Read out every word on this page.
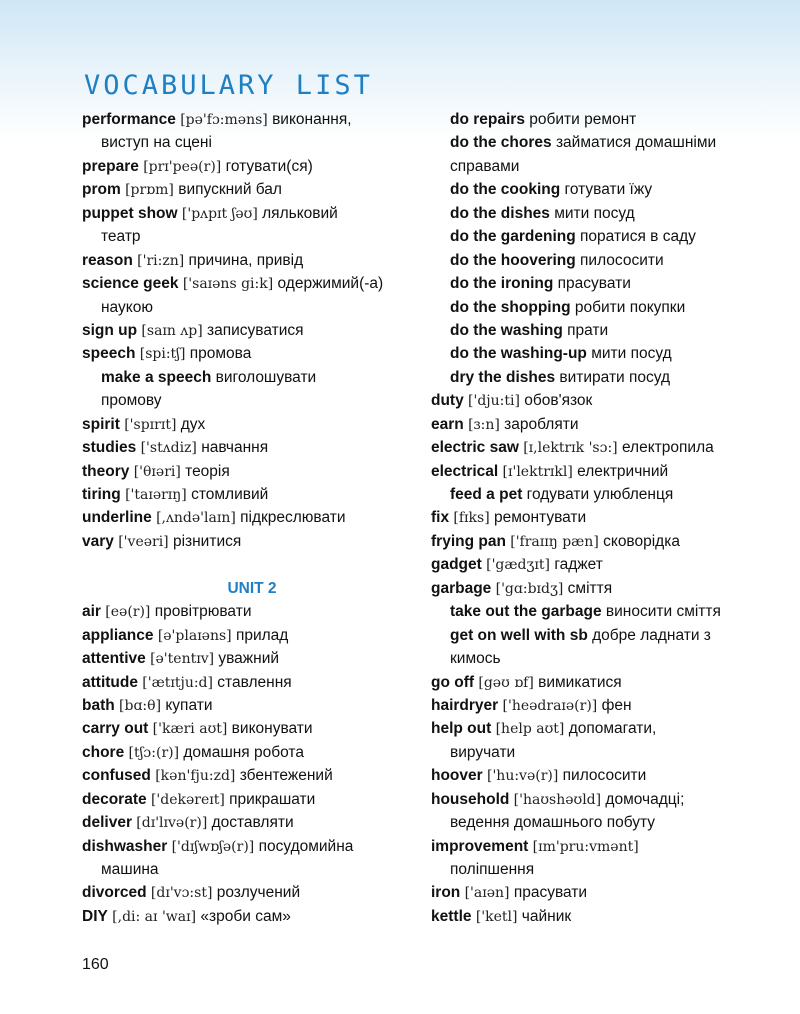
VOCABULARY LIST
performance [pə'fɔ:məns] виконання,
виступ на сцені
prepare [prɪ'peə(r)] готувати(ся)
prom [prɒm] випускний бал
puppet show ['pʌpɪt ʃəʊ] ляльковий
театр
reason ['ri:zn] причина, привід
science geek ['saɪəns gi:k] одержимий(-а)
наукою
sign up [saɪn ʌp] записуватися
speech [spi:tʃ] промова
make a speech виголошувати
промову
spirit ['spɪrɪt] дух
studies ['stʌdiz] навчання
theory ['θɪəri] теорія
tiring ['taɪərɪŋ] стомливий
underline [,ʌndə'laɪn] підкреслювати
vary ['veəri] різнитися
UNIT 2
air [eə(r)] провітрювати
appliance [ə'plaɪəns] прилад
attentive [ə'tentɪv] уважний
attitude ['ætɪtju:d] ставлення
bath [bɑ:θ] купати
carry out ['kæri aʊt] виконувати
chore [tʃɔ:(r)] домашня робота
confused [kən'fju:zd] збентежений
decorate ['dekəreɪt] прикрашати
deliver [dɪ'lɪvə(r)] доставляти
dishwasher ['dɪʃwɒʃə(r)] посудомийна
машина
divorced [dɪ'vɔ:st] розлучений
DIY [,di: aɪ 'waɪ] «зроби сам»
do repairs робити ремонт
do the chores займатися домашніми
справами
do the cooking готувати їжу
do the dishes мити посуд
do the gardening поратися в саду
do the hoovering пилососити
do the ironing прасувати
do the shopping робити покупки
do the washing прати
do the washing-up мити посуд
dry the dishes витирати посуд
duty ['dju:ti] обов'язок
earn [ɜ:n] заробляти
electric saw [ɪ,lektrɪk 'sɔ:] електропила
electrical [ɪ'lektrɪkl] електричний
feed a pet годувати улюбленця
fix [fɪks] ремонтувати
frying pan ['fraɪɪŋ pæn] сковорідка
gadget ['gædʒɪt] гаджет
garbage ['gɑ:bɪdʒ] сміття
take out the garbage виносити сміття
get on well with sb добре ладнати з
кимось
go off [gəʊ ɒf] вимикатися
hairdryer ['heədraɪə(r)] фен
help out [help aʊt] допомагати,
виручати
hoover ['hu:və(r)] пилососити
household ['haʊshəʊld] домочадці;
ведення домашнього побуту
improvement [ɪm'pru:vmənt]
поліпшення
iron ['aɪən] прасувати
kettle ['ketl] чайник
160
